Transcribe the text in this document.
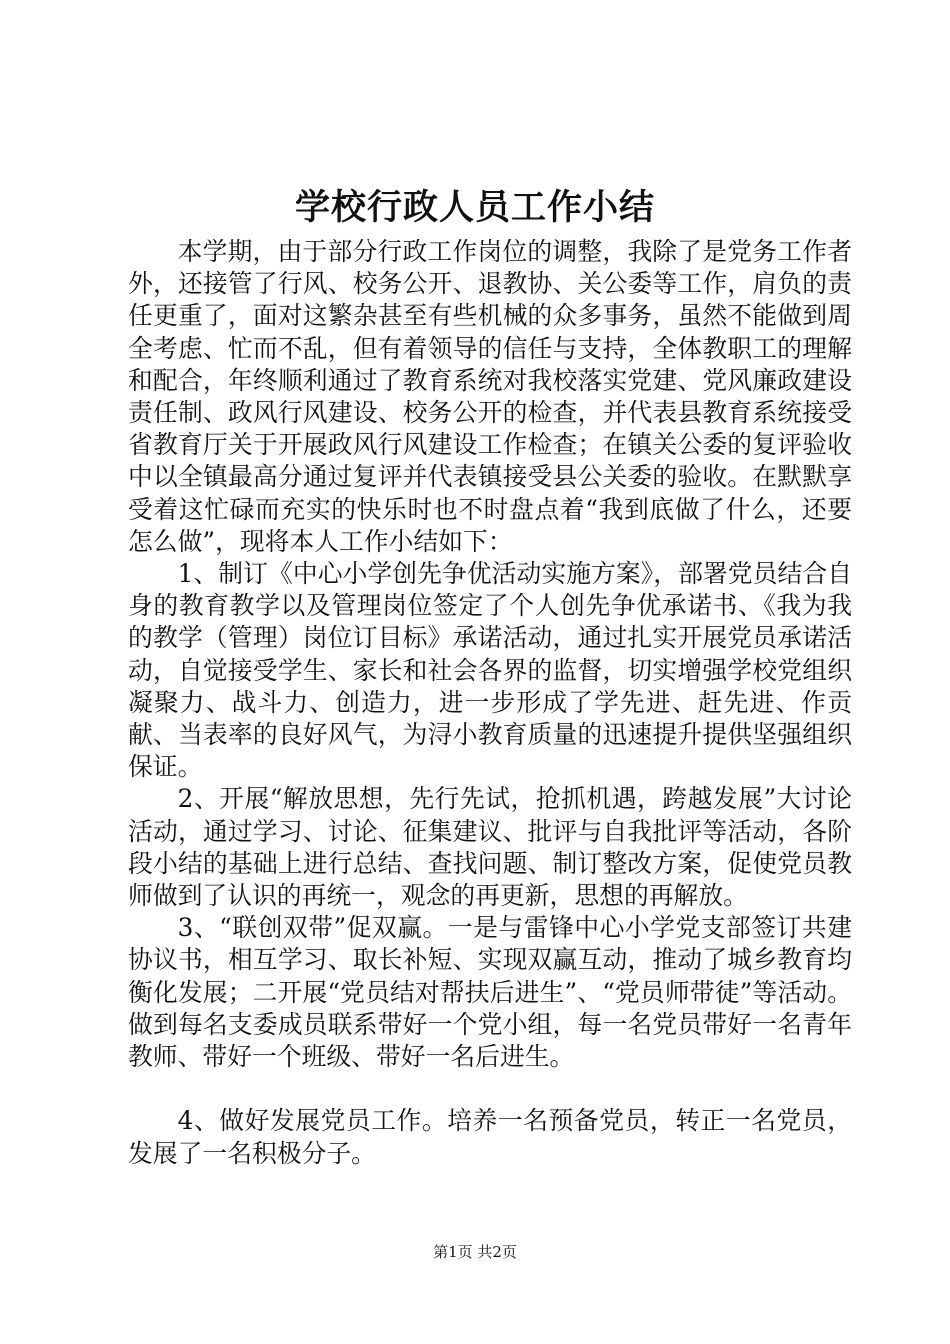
学校行政人员工作小结

本学期，由于部分行政工作岗位的调整，我除了是党务工作者外，还接管了行风、校务公开、退教协、关公委等工作，肩负的责任更重了，面对这繁杂甚至有些机械的众多事务，虽然不能做到周全考虑、忙而不乱，但有着领导的信任与支持，全体教职工的理解和配合，年终顺利通过了教育系统对我校落实党建、党风廉政建设责任制、政风行风建设、校务公开的检查，并代表县教育系统接受省教育厅关于开展政风行风建设工作检查；在镇关公委的复评验收中以全镇最高分通过复评并代表镇接受县公关委的验收。在默默享受着这忙碌而充实的快乐时也不时盘点着“我到底做了什么，还要怎么做”，现将本人工作小结如下：

1、制订《中心小学创先争优活动实施方案》，部署党员结合自身的教育教学以及管理岗位签定了个人创先争优承诺书、《我为我的教学（管理）岗位订目标》承诺活动，通过扎实开展党员承诺活动，自觉接受学生、家长和社会各界的监督，切实增强学校党组织凝聚力、战斗力、创造力，进一步形成了学先进、赶先进、作贡献、当表率的良好风气，为浔小教育质量的迅速提升提供坚强组织保证。

2、开展“解放思想，先行先试，抢抓机遇，跨越发展”大讨论活动，通过学习、讨论、征集建议、批评与自我批评等活动，各阶段小结的基础上进行总结、查找问题、制订整改方案，促使党员教师做到了认识的再统一，观念的再更新，思想的再解放。

3、“联创双带”促双赢。一是与雷锋中心小学党支部签订共建协议书，相互学习、取长补短、实现双赢互动，推动了城乡教育均衡化发展；二开展“党员结对帮扶后进生”、“党员师带徒”等活动。做到每名支委成员联系带好一个党小组，每一名党员带好一名青年教师、带好一个班级、带好一名后进生。

4、做好发展党员工作。培养一名预备党员，转正一名党员，发展了一名积极分子。

第1页 共2页
